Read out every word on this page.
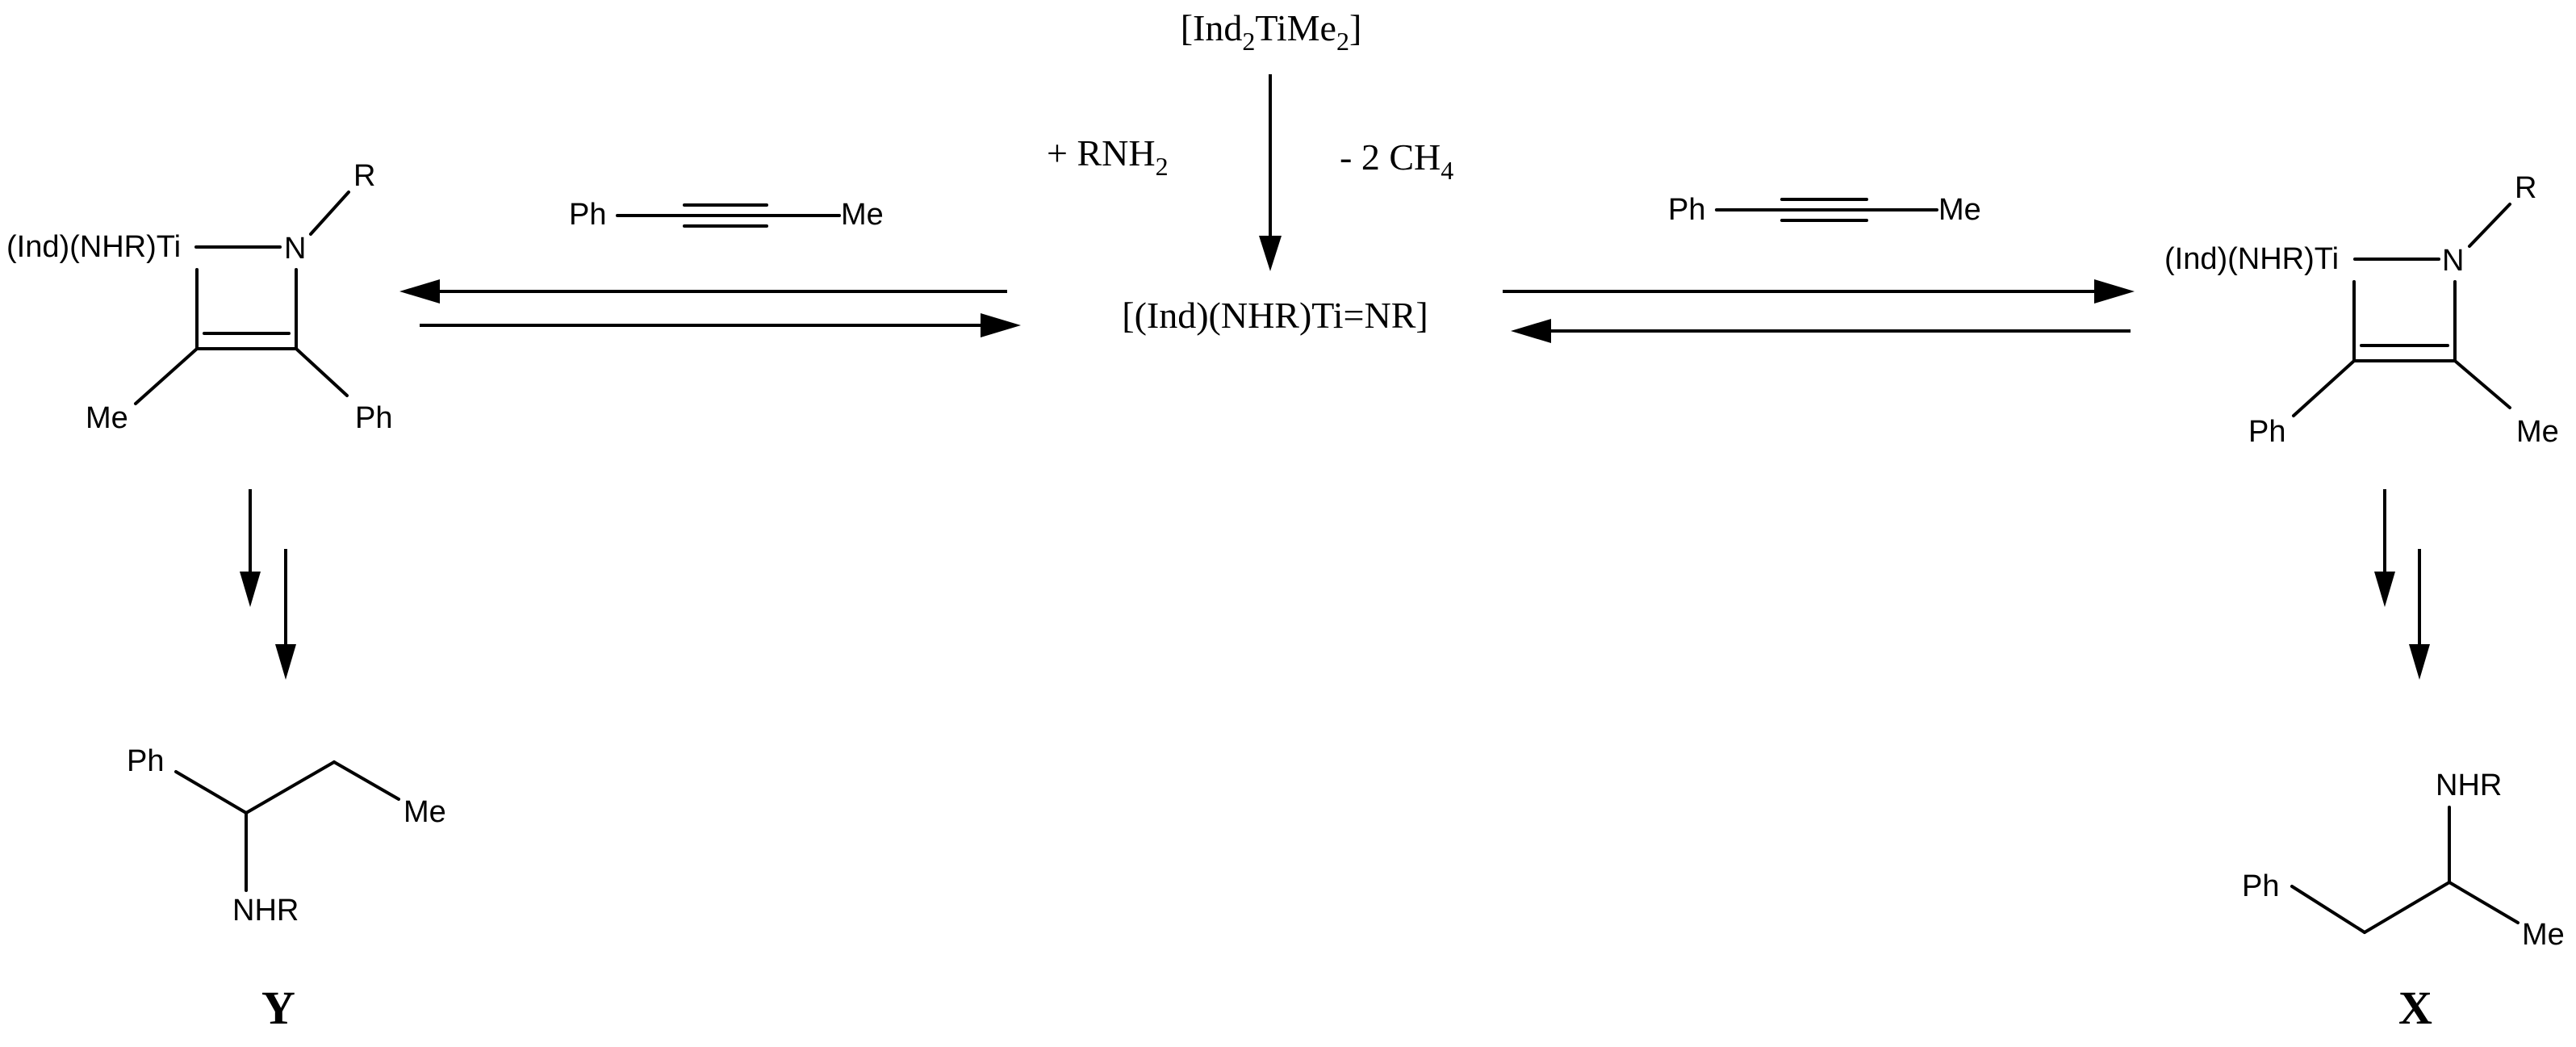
[Ind2TiMe2]
+ RNH2	- 2 CH4
[(Ind)(NHR)Ti=NR]
Ph	Me	Ph	Me
(Ind)(NHR)Ti	N
R
Me	Ph
Ph
Me
NHR
Y
(Ind)(NHR)Ti	N
R
Ph	Me
NHR
Ph
Me
X
